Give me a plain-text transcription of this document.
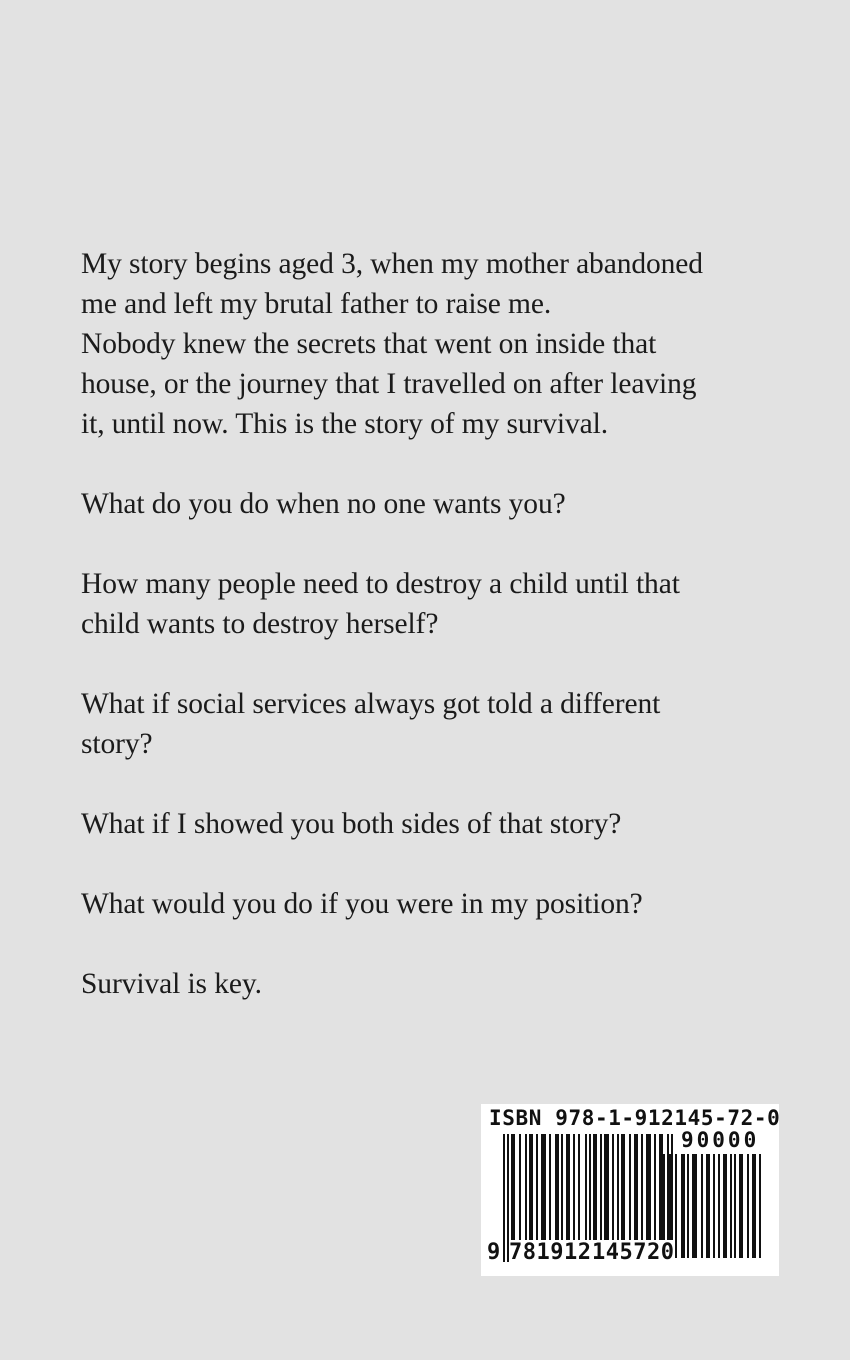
My story begins aged 3, when my mother abandoned
me and left my brutal father to raise me.
Nobody knew the secrets that went on inside that
house, or the journey that I travelled on after leaving
it, until now. This is the story of my survival.

What do you do when no one wants you?

How many people need to destroy a child until that
child wants to destroy herself?

What if social services always got told a different
story?

What if I showed you both sides of that story?

What would you do if you were in my position?

Survival is key.

ISBN 978-1-912145-72-0
90000
9 781912 145720
